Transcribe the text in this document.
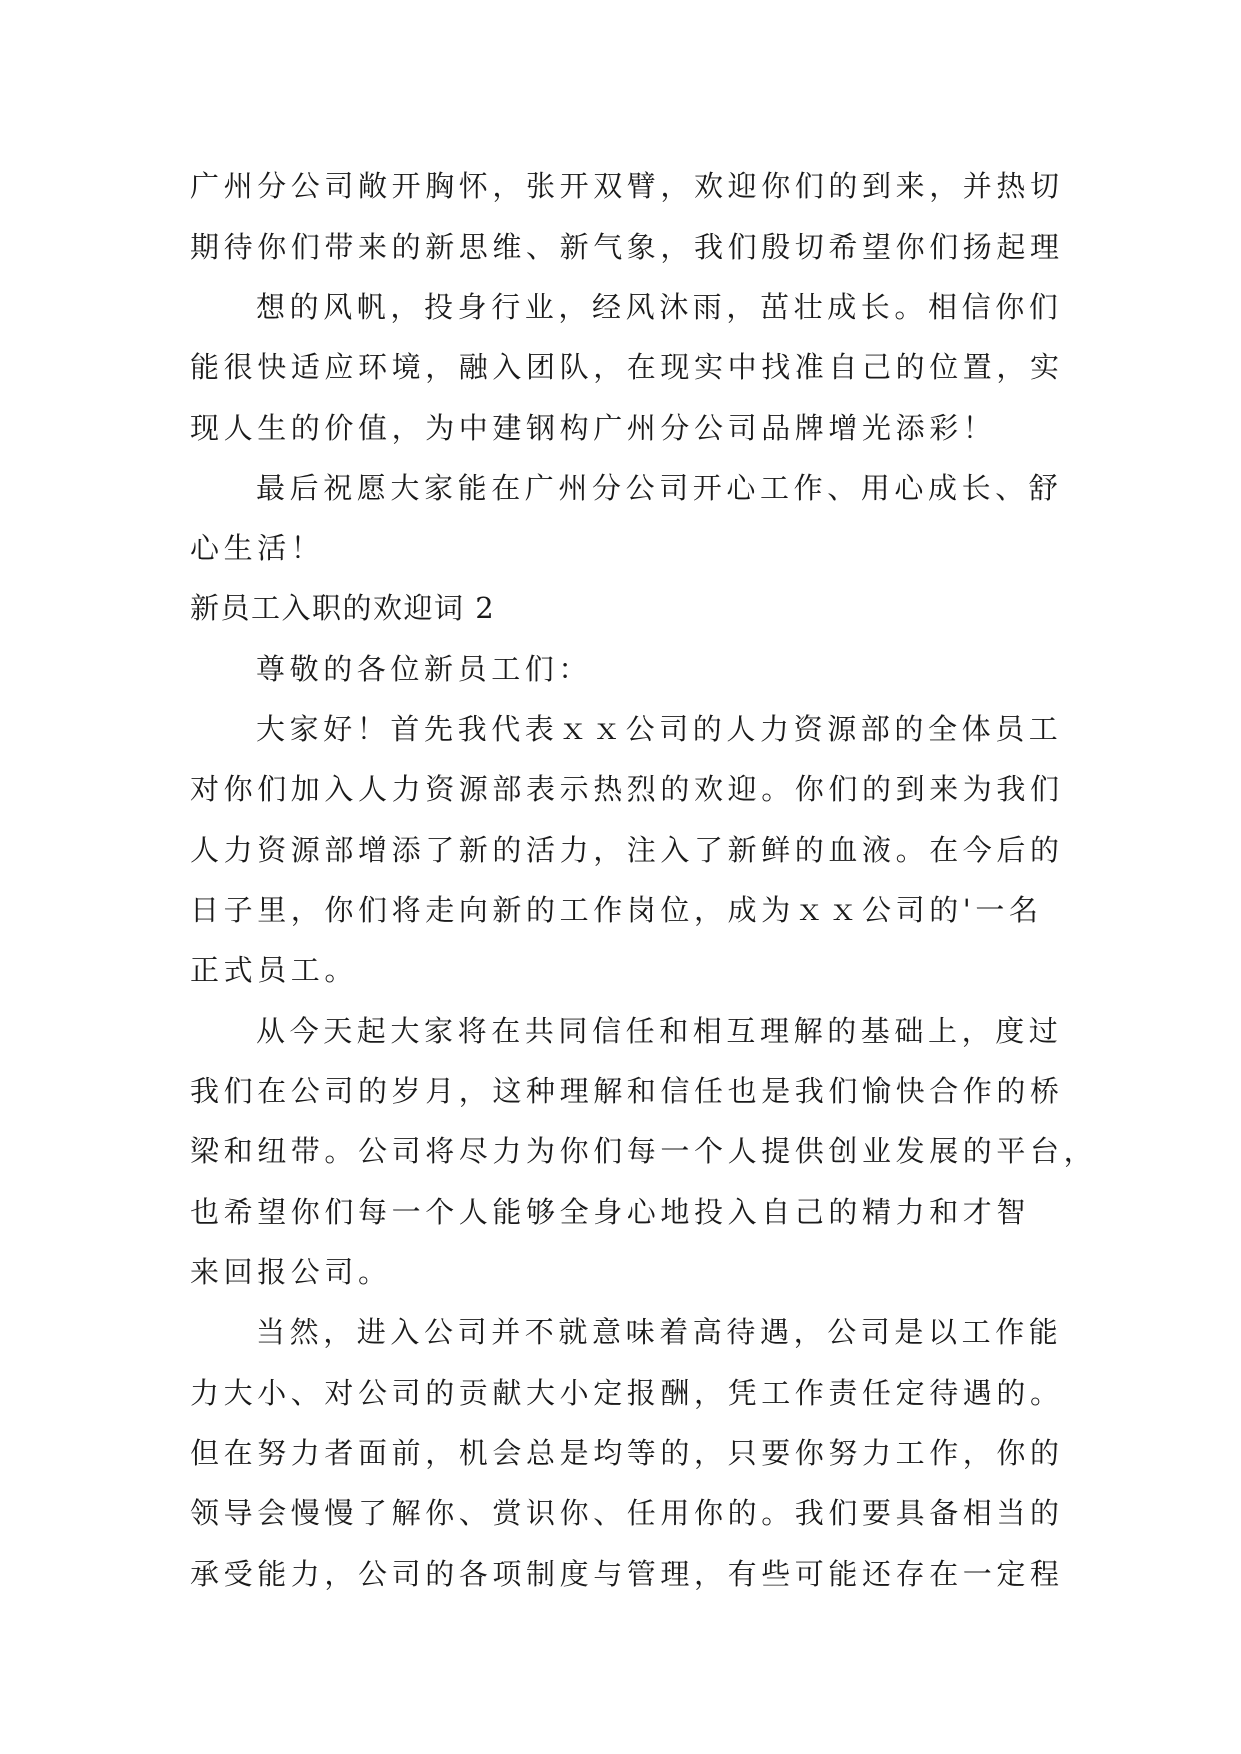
广州分公司敞开胸怀，张开双臂，欢迎你们的到来，并热切
期待你们带来的新思维、新气象，我们殷切希望你们扬起理
想的风帆，投身行业，经风沐雨，茁壮成长。相信你们
能很快适应环境，融入团队，在现实中找准自己的位置，实
现人生的价值，为中建钢构广州分公司品牌增光添彩！
最后祝愿大家能在广州分公司开心工作、用心成长、舒
心生活！
新员工入职的欢迎词 2
尊敬的各位新员工们：
大家好！首先我代表ｘｘ公司的人力资源部的全体员工
对你们加入人力资源部表示热烈的欢迎。你们的到来为我们
人力资源部增添了新的活力，注入了新鲜的血液。在今后的
日子里，你们将走向新的工作岗位，成为ｘｘ公司的'一名
正式员工。
从今天起大家将在共同信任和相互理解的基础上，度过
我们在公司的岁月，这种理解和信任也是我们愉快合作的桥
梁和纽带。公司将尽力为你们每一个人提供创业发展的平台，
也希望你们每一个人能够全身心地投入自己的精力和才智
来回报公司。
当然，进入公司并不就意味着高待遇，公司是以工作能
力大小、对公司的贡献大小定报酬，凭工作责任定待遇的。
但在努力者面前，机会总是均等的，只要你努力工作，你的
领导会慢慢了解你、赏识你、任用你的。我们要具备相当的
承受能力，公司的各项制度与管理，有些可能还存在一定程
